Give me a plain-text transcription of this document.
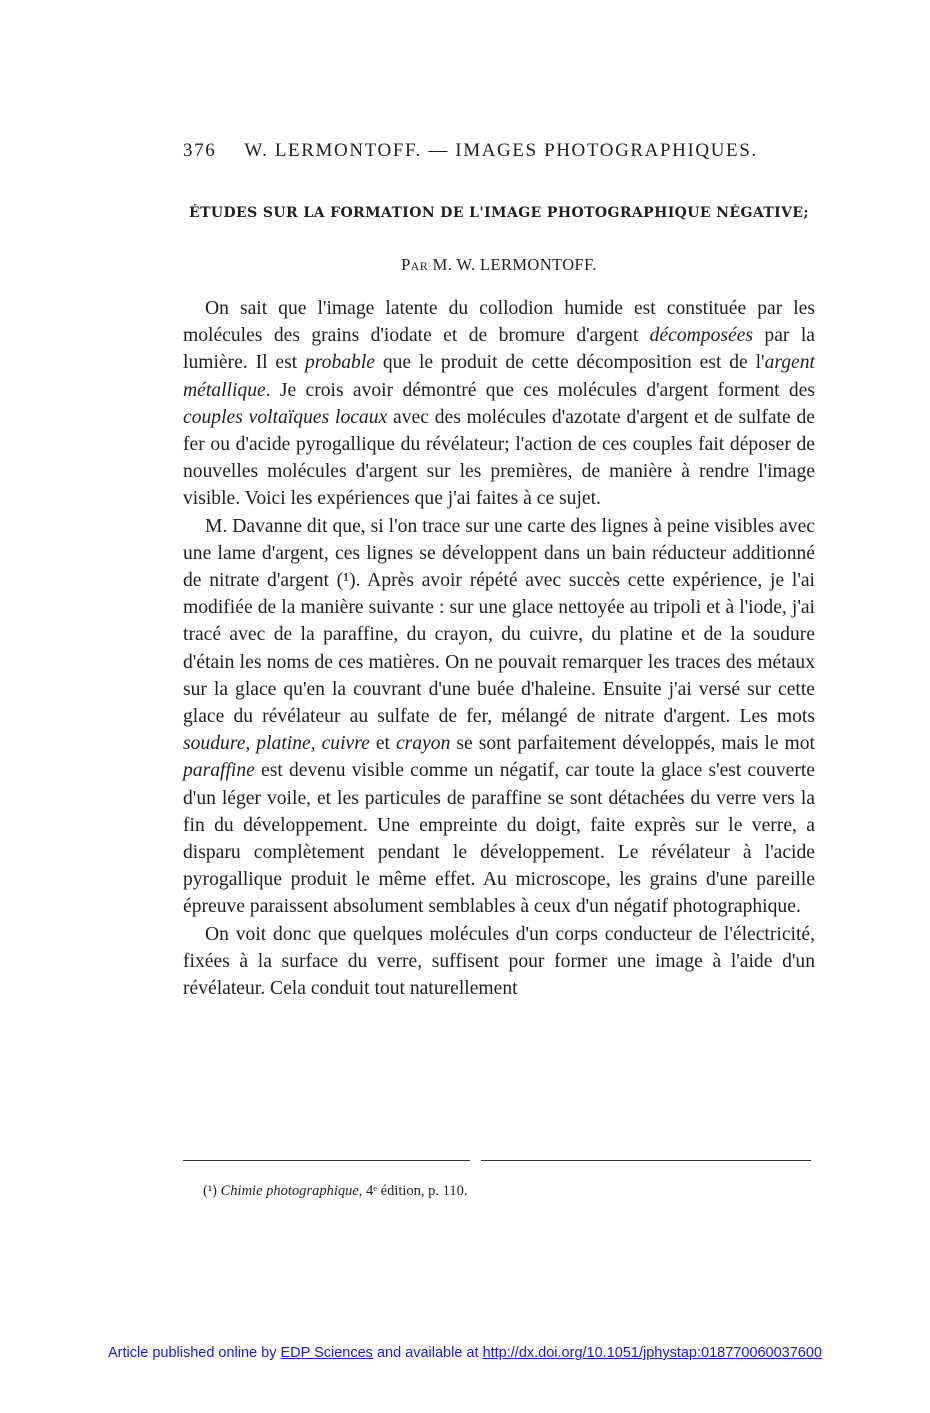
376 W. LERMONTOFF. — IMAGES PHOTOGRAPHIQUES.
ÉTUDES SUR LA FORMATION DE L'IMAGE PHOTOGRAPHIQUE NÉGATIVE;
Par M. W. LERMONTOFF.

On sait que l'image latente du collodion humide est constituée par les molécules des grains d'iodate et de bromure d'argent décomposées par la lumière. Il est probable que le produit de cette décomposition est de l'argent métallique. Je crois avoir démontré que ces molécules d'argent forment des couples voltaïques locaux avec des molécules d'azotate d'argent et de sulfate de fer ou d'acide pyrogallique du révélateur; l'action de ces couples fait déposer de nouvelles molécules d'argent sur les premières, de manière à rendre l'image visible. Voici les expériences que j'ai faites à ce sujet.

M. Davanne dit que, si l'on trace sur une carte des lignes à peine visibles avec une lame d'argent, ces lignes se développent dans un bain réducteur additionné de nitrate d'argent (¹). Après avoir répété avec succès cette expérience, je l'ai modifiée de la manière suivante : sur une glace nettoyée au tripoli et à l'iode, j'ai tracé avec de la paraffine, du crayon, du cuivre, du platine et de la soudure d'étain les noms de ces matières. On ne pouvait remarquer les traces des métaux sur la glace qu'en la couvrant d'une buée d'haleine. Ensuite j'ai versé sur cette glace du révélateur au sulfate de fer, mélangé de nitrate d'argent. Les mots soudure, platine, cuivre et crayon se sont parfaitement développés, mais le mot paraffine est devenu visible comme un négatif, car toute la glace s'est couverte d'un léger voile, et les particules de paraffine se sont détachées du verre vers la fin du développement. Une empreinte du doigt, faite exprès sur le verre, a disparu complètement pendant le développement. Le révélateur à l'acide pyrogallique produit le même effet. Au microscope, les grains d'une pareille épreuve paraissent absolument semblables à ceux d'un négatif photographique.

On voit donc que quelques molécules d'un corps conducteur de l'électricité, fixées à la surface du verre, suffisent pour former une image à l'aide d'un révélateur. Cela conduit tout naturellement

(¹) Chimie photographique, 4ᵉ édition, p. 110.
Article published online by EDP Sciences and available at http://dx.doi.org/10.1051/jphystap:018770060037600
